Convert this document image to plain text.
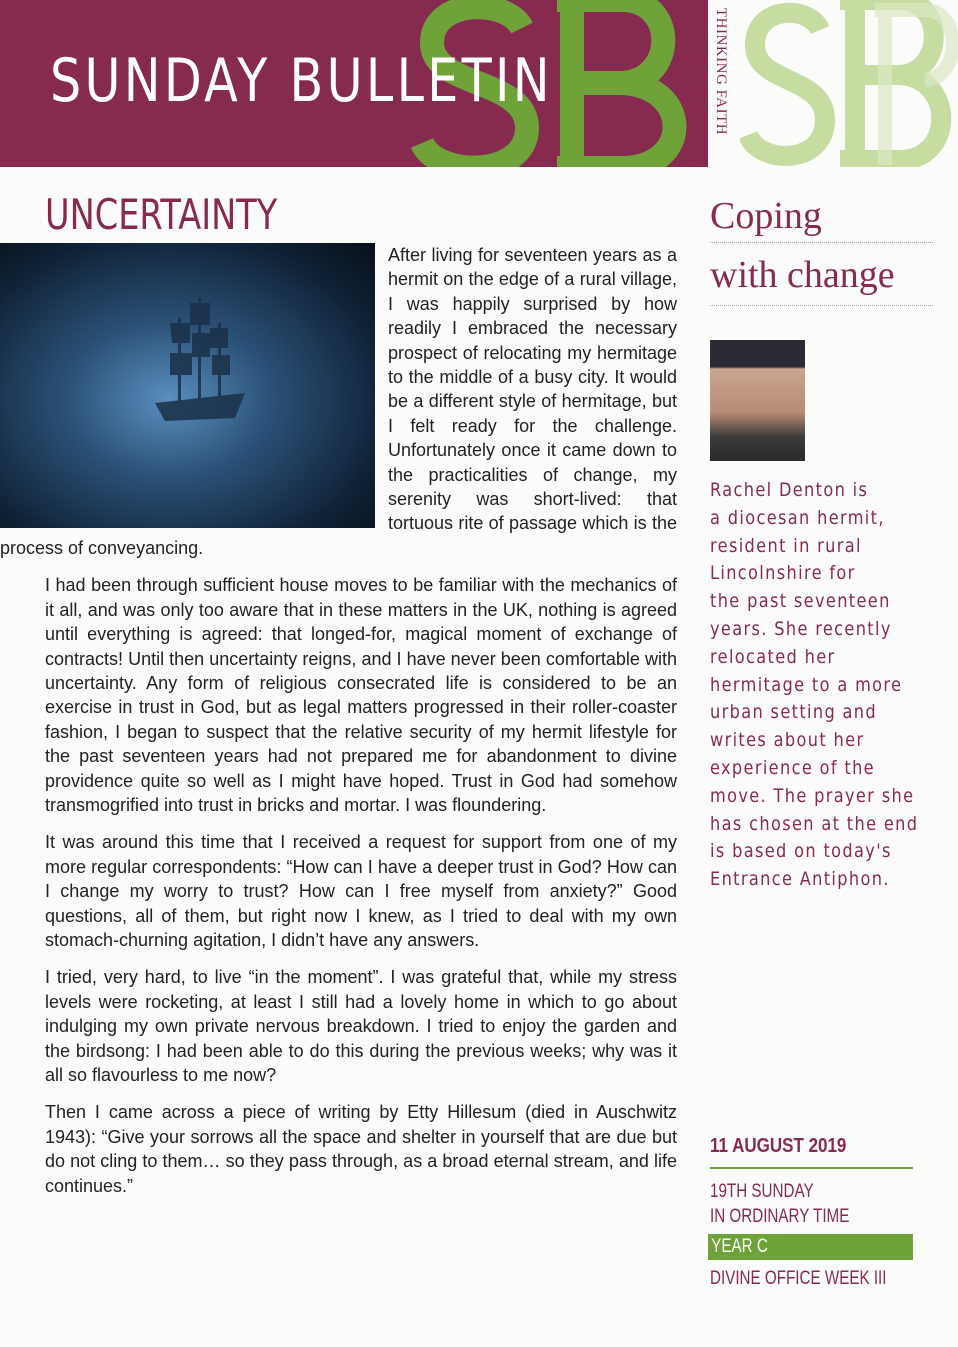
SUNDAY BULLETIN	THINKING FAITH
UNCERTAINTY

After living for seventeen years as a hermit on the edge of a rural village, I was happily surprised by how readily I embraced the necessary prospect of relocating my hermitage to the middle of a busy city. It would be a different style of hermitage, but I felt ready for the challenge. Unfortunately once it came down to the practicalities of change, my serenity was short-lived: that tortuous rite of passage which is the process of conveyancing.

I had been through sufficient house moves to be familiar with the mechanics of it all, and was only too aware that in these matters in the UK, nothing is agreed until everything is agreed: that longed-for, magical moment of exchange of contracts! Until then uncertainty reigns, and I have never been comfortable with uncertainty. Any form of religious consecrated life is considered to be an exercise in trust in God, but as legal matters progressed in their roller-coaster fashion, I began to suspect that the relative security of my hermit lifestyle for the past seventeen years had not prepared me for abandonment to divine providence quite so well as I might have hoped. Trust in God had somehow transmogrified into trust in bricks and mortar. I was floundering.

It was around this time that I received a request for support from one of my more regular correspondents: “How can I have a deeper trust in God? How can I change my worry to trust? How can I free myself from anxiety?” Good questions, all of them, but right now I knew, as I tried to deal with my own stomach-churning agitation, I didn’t have any answers.

I tried, very hard, to live “in the moment”. I was grateful that, while my stress levels were rocketing, at least I still had a lovely home in which to go about indulging my own private nervous breakdown. I tried to enjoy the garden and the birdsong: I had been able to do this during the previous weeks; why was it all so flavourless to me now?

Then I came across a piece of writing by Etty Hillesum (died in Auschwitz 1943): “Give your sorrows all the space and shelter in yourself that are due but do not cling to them… so they pass through, as a broad eternal stream, and life continues.”

Coping
with change
Rachel Denton is
a diocesan hermit,
resident in rural
Lincolnshire for
the past seventeen
years. She recently
relocated her
hermitage to a more
urban setting and
writes about her
experience of the
move. The prayer she
has chosen at the end
is based on today's
Entrance Antiphon.
11 AUGUST 2019
19TH SUNDAY
IN ORDINARY TIME
YEAR C
DIVINE OFFICE WEEK III
